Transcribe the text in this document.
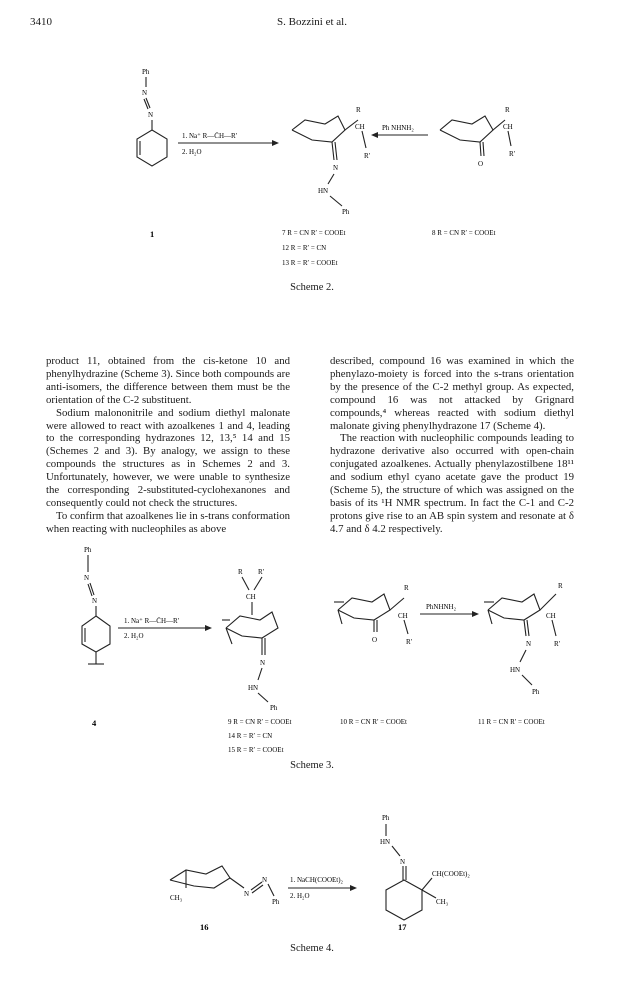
3410	S. Bozzini et al.
Ph
N
N
1. Na⁺ R—C̄H—R′
2. H₂O
R
CH
R′
N
HN
Ph
Ph NHNH₂
R
CH
R′
O
1	7 R = CN R′ = COOEt
12 R = R′ = CN
13 R = R′ = COOEt
8 R = CN R′ = COOEt
Scheme 2.

product 11, obtained from the cis-ketone 10 and phenylhydrazine (Scheme 3). Since both compounds are anti-isomers, the difference between them must be the orientation of the C-2 substituent.

Sodium malononitrile and sodium diethyl malonate were allowed to react with azoalkenes 1 and 4, leading to the corresponding hydrazones 12, 13,⁵ 14 and 15 (Schemes 2 and 3). By analogy, we assign to these compounds the structures as in Schemes 2 and 3. Unfortunately, however, we were unable to synthesize the corresponding 2-substituted-cyclohexanones and consequently could not check the structures.

To confirm that azoalkenes lie in s-trans conformation when reacting with nucleophiles as above

described, compound 16 was examined in which the phenylazo-moiety is forced into the s-trans orientation by the presence of the C-2 methyl group. As expected, compound 16 was not attacked by Grignard compounds,⁴ whereas reacted with sodium diethyl malonate giving phenylhydrazone 17 (Scheme 4).

The reaction with nucleophilic compounds leading to hydrazone derivative also occurred with open-chain conjugated azoalkenes. Actually phenylazostilbene 18¹¹ and sodium ethyl cyano acetate gave the product 19 (Scheme 5), the structure of which was assigned on the basis of its ¹H NMR spectrum. In fact the C-1 and C-2 protons give rise to an AB spin system and resonate at δ 4.7 and δ 4.2 respectively.

Ph
N
N
1. Na⁺ R—C̄H—R′
2. H₂O
R R′
CH
N
HN
Ph
R
CH
R′
O
PhNHNH₂
R
CH
R′
N
HN
Ph
4	9 R = CN R′ = COOEt
14 R = R′ = CN
15 R = R′ = COOEt
10 R = CN R′ = COOEt	11 R = CN R′ = COOEt
Scheme 3.
CH₃	N
N
Ph
1. NaCH(COOEt)₂
2. H₂O
Ph
HN
N
CH(COOEt)₂
CH₃
16	17
Scheme 4.
